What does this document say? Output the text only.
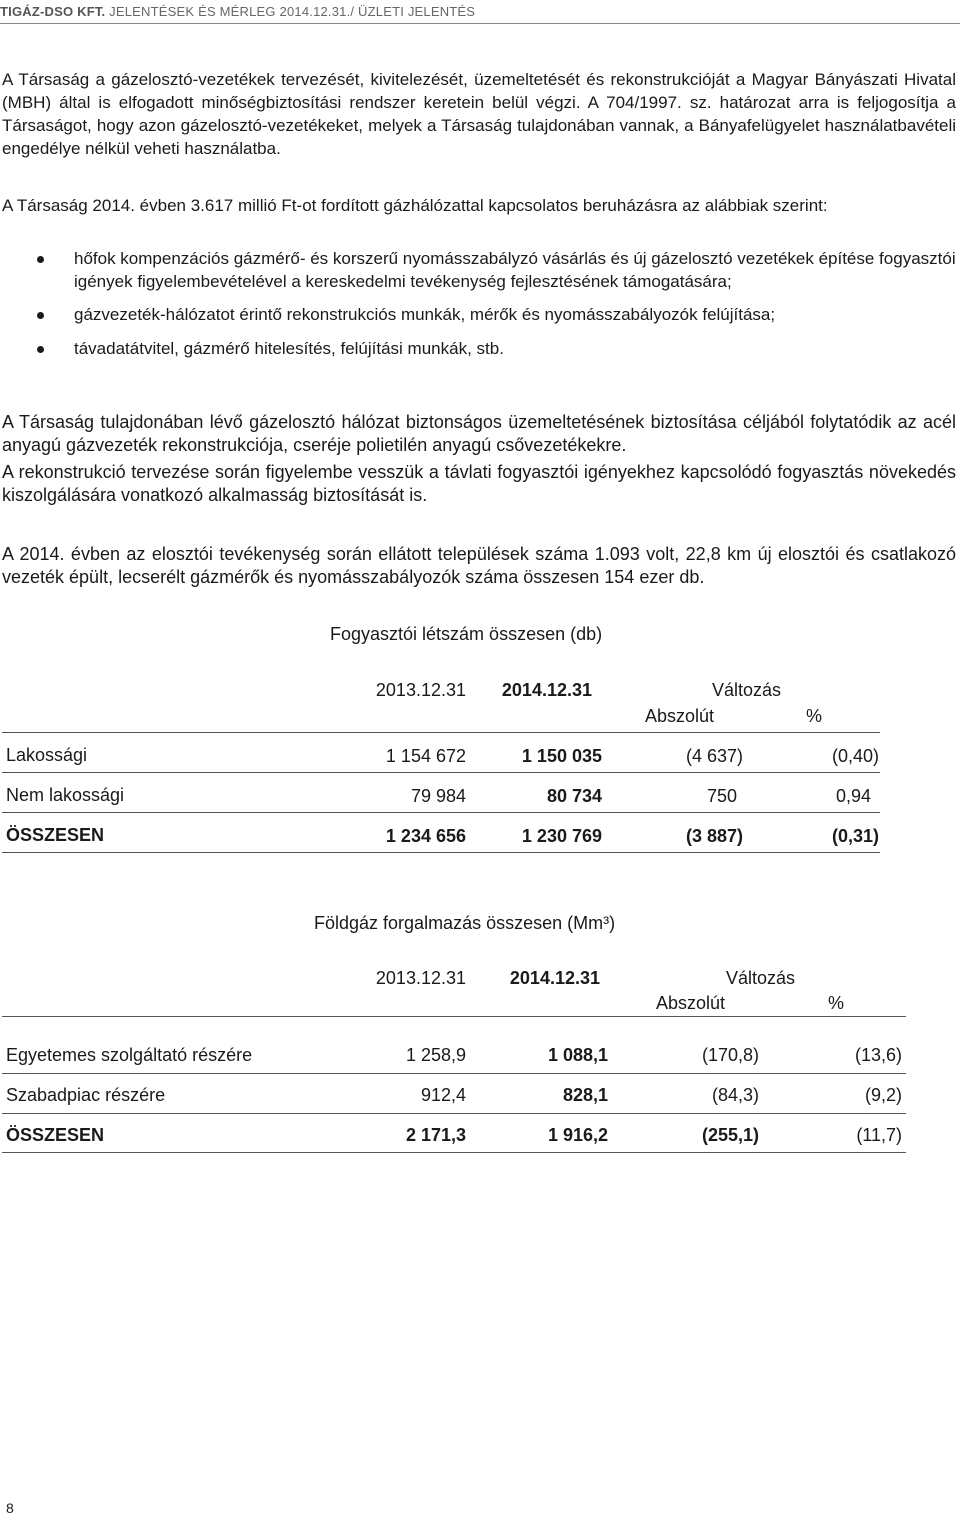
TIGÁZ-DSO KFT. JELENTÉSEK ÉS MÉRLEG 2014.12.31./ ÜZLETI JELENTÉS

A Társaság a gázelosztó-vezetékek tervezését, kivitelezését, üzemeltetését és rekonstrukcióját a Magyar Bányászati Hivatal (MBH) által is elfogadott minőségbiztosítási rendszer keretein belül végzi. A 704/1997. sz. határozat arra is feljogosítja a Társaságot, hogy azon gázelosztó-vezetékeket, melyek a Társaság tulajdonában vannak, a Bányafelügyelet használatbavételi engedélye nélkül veheti használatba.

A Társaság 2014. évben 3.617 millió Ft-ot fordított gázhálózattal kapcsolatos beruházásra az alábbiak szerint:

hőfok kompenzációs gázmérő- és korszerű nyomásszabályzó vásárlás és új gázelosztó vezetékek építése fogyasztói igények figyelembevételével a kereskedelmi tevékenység fejlesztésének támogatására;
gázvezeték-hálózatot érintő rekonstrukciós munkák, mérők és nyomásszabályozók felújítása;
távadatátvitel, gázmérő hitelesítés, felújítási munkák, stb.

A Társaság tulajdonában lévő gázelosztó hálózat biztonságos üzemeltetésének biztosítása céljából folytatódik az acél anyagú gázvezeték rekonstrukciója, cseréje polietilén anyagú csővezetékekre.

A rekonstrukció tervezése során figyelembe vesszük a távlati fogyasztói igényekhez kapcsolódó fogyasztás növekedés kiszolgálására vonatkozó alkalmasság biztosítását is.

A 2014. évben az elosztói tevékenység során ellátott települések száma 1.093 volt, 22,8 km új elosztói és csatlakozó vezeték épült, lecserélt gázmérők és nyomásszabályozók száma összesen 154 ezer db.

Fogyasztói létszám összesen (db)
2013.12.31	2014.12.31	Változás
Abszolút	%
Lakossági	1 154 672	1 150 035	(4 637)	(0,40)
Nem lakossági	79 984	80 734	750	0,94
ÖSSZESEN	1 234 656	1 230 769	(3 887)	(0,31)
Földgáz forgalmazás összesen (Mm³)
2013.12.31	2014.12.31	Változás
Abszolút	%
Egyetemes szolgáltató részére	1 258,9	1 088,1	(170,8)	(13,6)
Szabadpiac részére	912,4	828,1	(84,3)	(9,2)
ÖSSZESEN	2 171,3	1 916,2	(255,1)	(11,7)
8
